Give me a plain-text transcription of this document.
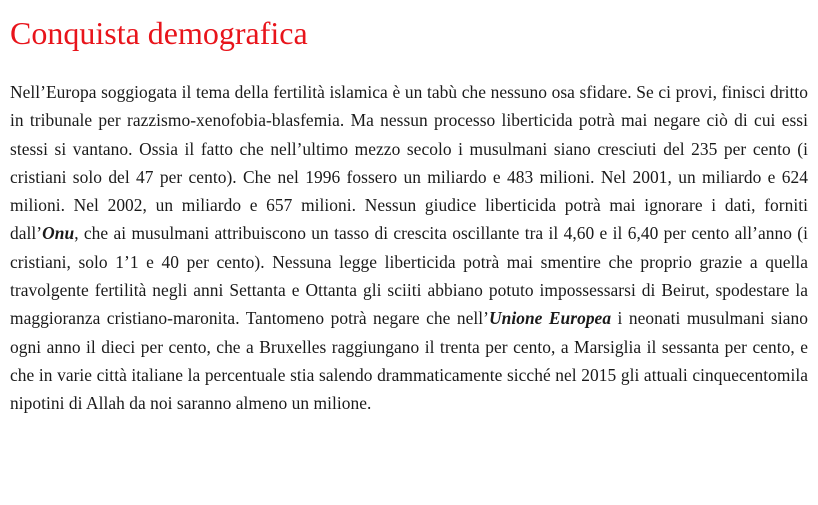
Conquista demografica

Nell’Europa soggiogata il tema della fertilità islamica è un tabù che nessuno osa sfidare. Se ci provi, finisci dritto in tribunale per razzismo-xenofobia-blasfemia. Ma nessun processo liberticida potrà mai negare ciò di cui essi stessi si vantano. Ossia il fatto che nell’ultimo mezzo secolo i musulmani siano cresciuti del 235 per cento (i cristiani solo del 47 per cento). Che nel 1996 fossero un miliardo e 483 milioni. Nel 2001, un miliardo e 624 milioni. Nel 2002, un miliardo e 657 milioni. Nessun giudice liberticida potrà mai ignorare i dati, forniti dall’Onu, che ai musulmani attribuiscono un tasso di crescita oscillante tra il 4,60 e il 6,40 per cento all’anno (i cristiani, solo 1’1 e 40 per cento). Nessuna legge liberticida potrà mai smentire che proprio grazie a quella travolgente fertilità negli anni Settanta e Ottanta gli sciiti abbiano potuto impossessarsi di Beirut, spodestare la maggioranza cristiano-maronita. Tantomeno potrà negare che nell’Unione Europea i neonati musulmani siano ogni anno il dieci per cento, che a Bruxelles raggiungano il trenta per cento, a Marsiglia il sessanta per cento, e che in varie città italiane la percentuale stia salendo drammaticamente sicché nel 2015 gli attuali cinquecentomila nipotini di Allah da noi saranno almeno un milione.
